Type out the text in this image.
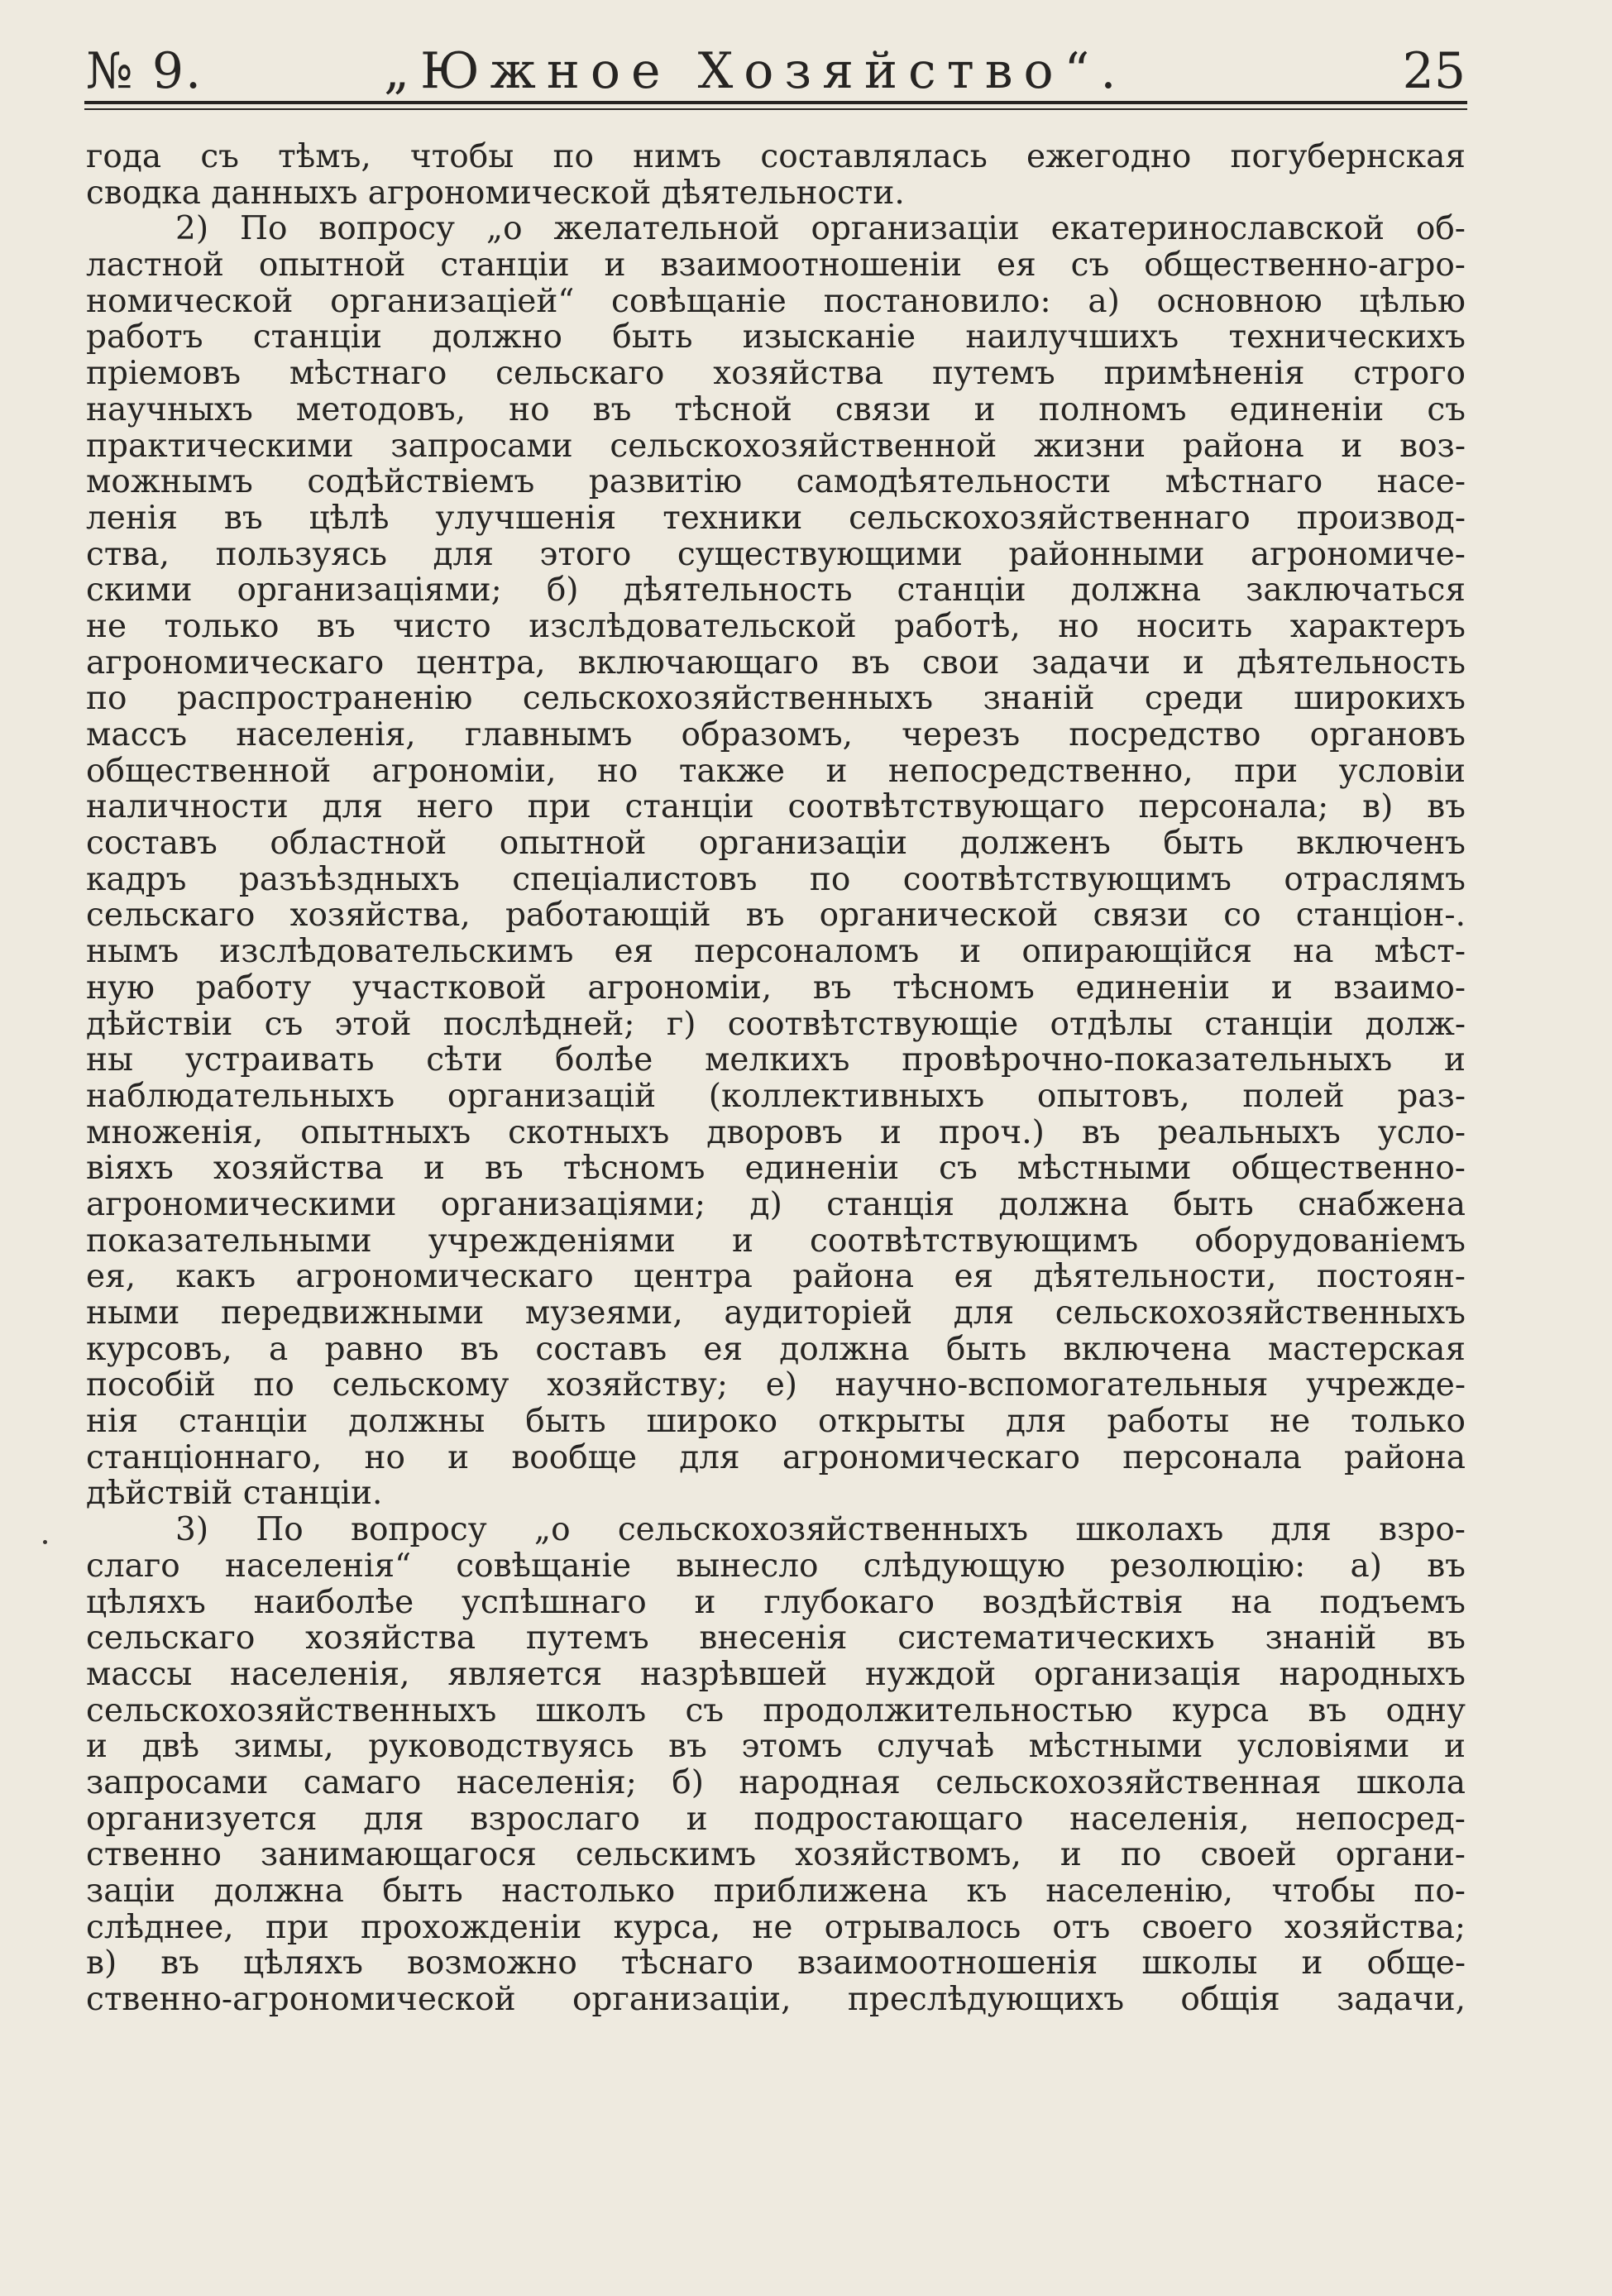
№ 9.	„Южное Хозяйство“.	25
года съ тѣмъ, чтобы по нимъ составлялась ежегодно погубернская
сводка данныхъ агрономической дѣятельности.
2) По вопросу „о желательной организаціи екатеринославской об-
ластной опытной станціи и взаимоотношеніи ея съ общественно-агро-
номической организаціей“ совѣщаніе постановило: а) основною цѣлью
работъ станціи должно быть изысканіе наилучшихъ техническихъ
пріемовъ мѣстнаго сельскаго хозяйства путемъ примѣненія строго
научныхъ методовъ, но въ тѣсной связи и полномъ единеніи съ
практическими запросами сельскохозяйственной жизни района и воз-
можнымъ содѣйствіемъ развитію самодѣятельности мѣстнаго насе-
ленія въ цѣлѣ улучшенія техники сельскохозяйственнаго производ-
ства, пользуясь для этого существующими районными агрономиче-
скими организаціями; б) дѣятельность станціи должна заключаться
не только въ чисто изслѣдовательской работѣ, но носить характеръ
агрономическаго центра, включающаго въ свои задачи и дѣятельность
по распространенію сельскохозяйственныхъ знаній среди широкихъ
массъ населенія, главнымъ образомъ, черезъ посредство органовъ
общественной агрономіи, но также и непосредственно, при условіи
наличности для него при станціи соотвѣтствующаго персонала; в) въ
составъ областной опытной организаціи долженъ быть включенъ
кадръ разъѣздныхъ спеціалистовъ по соотвѣтствующимъ отраслямъ
сельскаго хозяйства, работающій въ органической связи со станціон-.
нымъ изслѣдовательскимъ ея персоналомъ и опирающійся на мѣст-
ную работу участковой агрономіи, въ тѣсномъ единеніи и взаимо-
дѣйствіи съ этой послѣдней; г) соотвѣтствующіе отдѣлы станціи долж-
ны устраивать сѣти болѣе мелкихъ провѣрочно-показательныхъ и
наблюдательныхъ организацій (коллективныхъ опытовъ, полей раз-
множенія, опытныхъ скотныхъ дворовъ и проч.) въ реальныхъ усло-
віяхъ хозяйства и въ тѣсномъ единеніи съ мѣстными общественно-
агрономическими организаціями; д) станція должна быть снабжена
показательными учрежденіями и соотвѣтствующимъ оборудованіемъ
ея, какъ агрономическаго центра района ея дѣятельности, постоян-
ными передвижными музеями, аудиторіей для сельскохозяйственныхъ
курсовъ, а равно въ составъ ея должна быть включена мастерская
пособій по сельскому хозяйству; е) научно-вспомогательныя учрежде-
нія станціи должны быть широко открыты для работы не только
станціоннаго, но и вообще для агрономическаго персонала района
дѣйствій станціи.
3) По вопросу „о сельскохозяйственныхъ школахъ для взро-
слаго населенія“ совѣщаніе вынесло слѣдующую резолюцію: а) въ
цѣляхъ наиболѣе успѣшнаго и глубокаго воздѣйствія на подъемъ
сельскаго хозяйства путемъ внесенія систематическихъ знаній въ
массы населенія, является назрѣвшей нуждой организація народныхъ
сельскохозяйственныхъ школъ съ продолжительностью курса въ одну
и двѣ зимы, руководствуясь въ этомъ случаѣ мѣстными условіями и
запросами самаго населенія; б) народная сельскохозяйственная школа
организуется для взрослаго и подростающаго населенія, непосред-
ственно занимающагося сельскимъ хозяйствомъ, и по своей органи-
заціи должна быть настолько приближена къ населенію, чтобы по-
слѣднее, при прохожденіи курса, не отрывалось отъ своего хозяйства;
в) въ цѣляхъ возможно тѣснаго взаимоотношенія школы и обще-
ственно-агрономической организаціи, преслѣдующихъ общія задачи,
